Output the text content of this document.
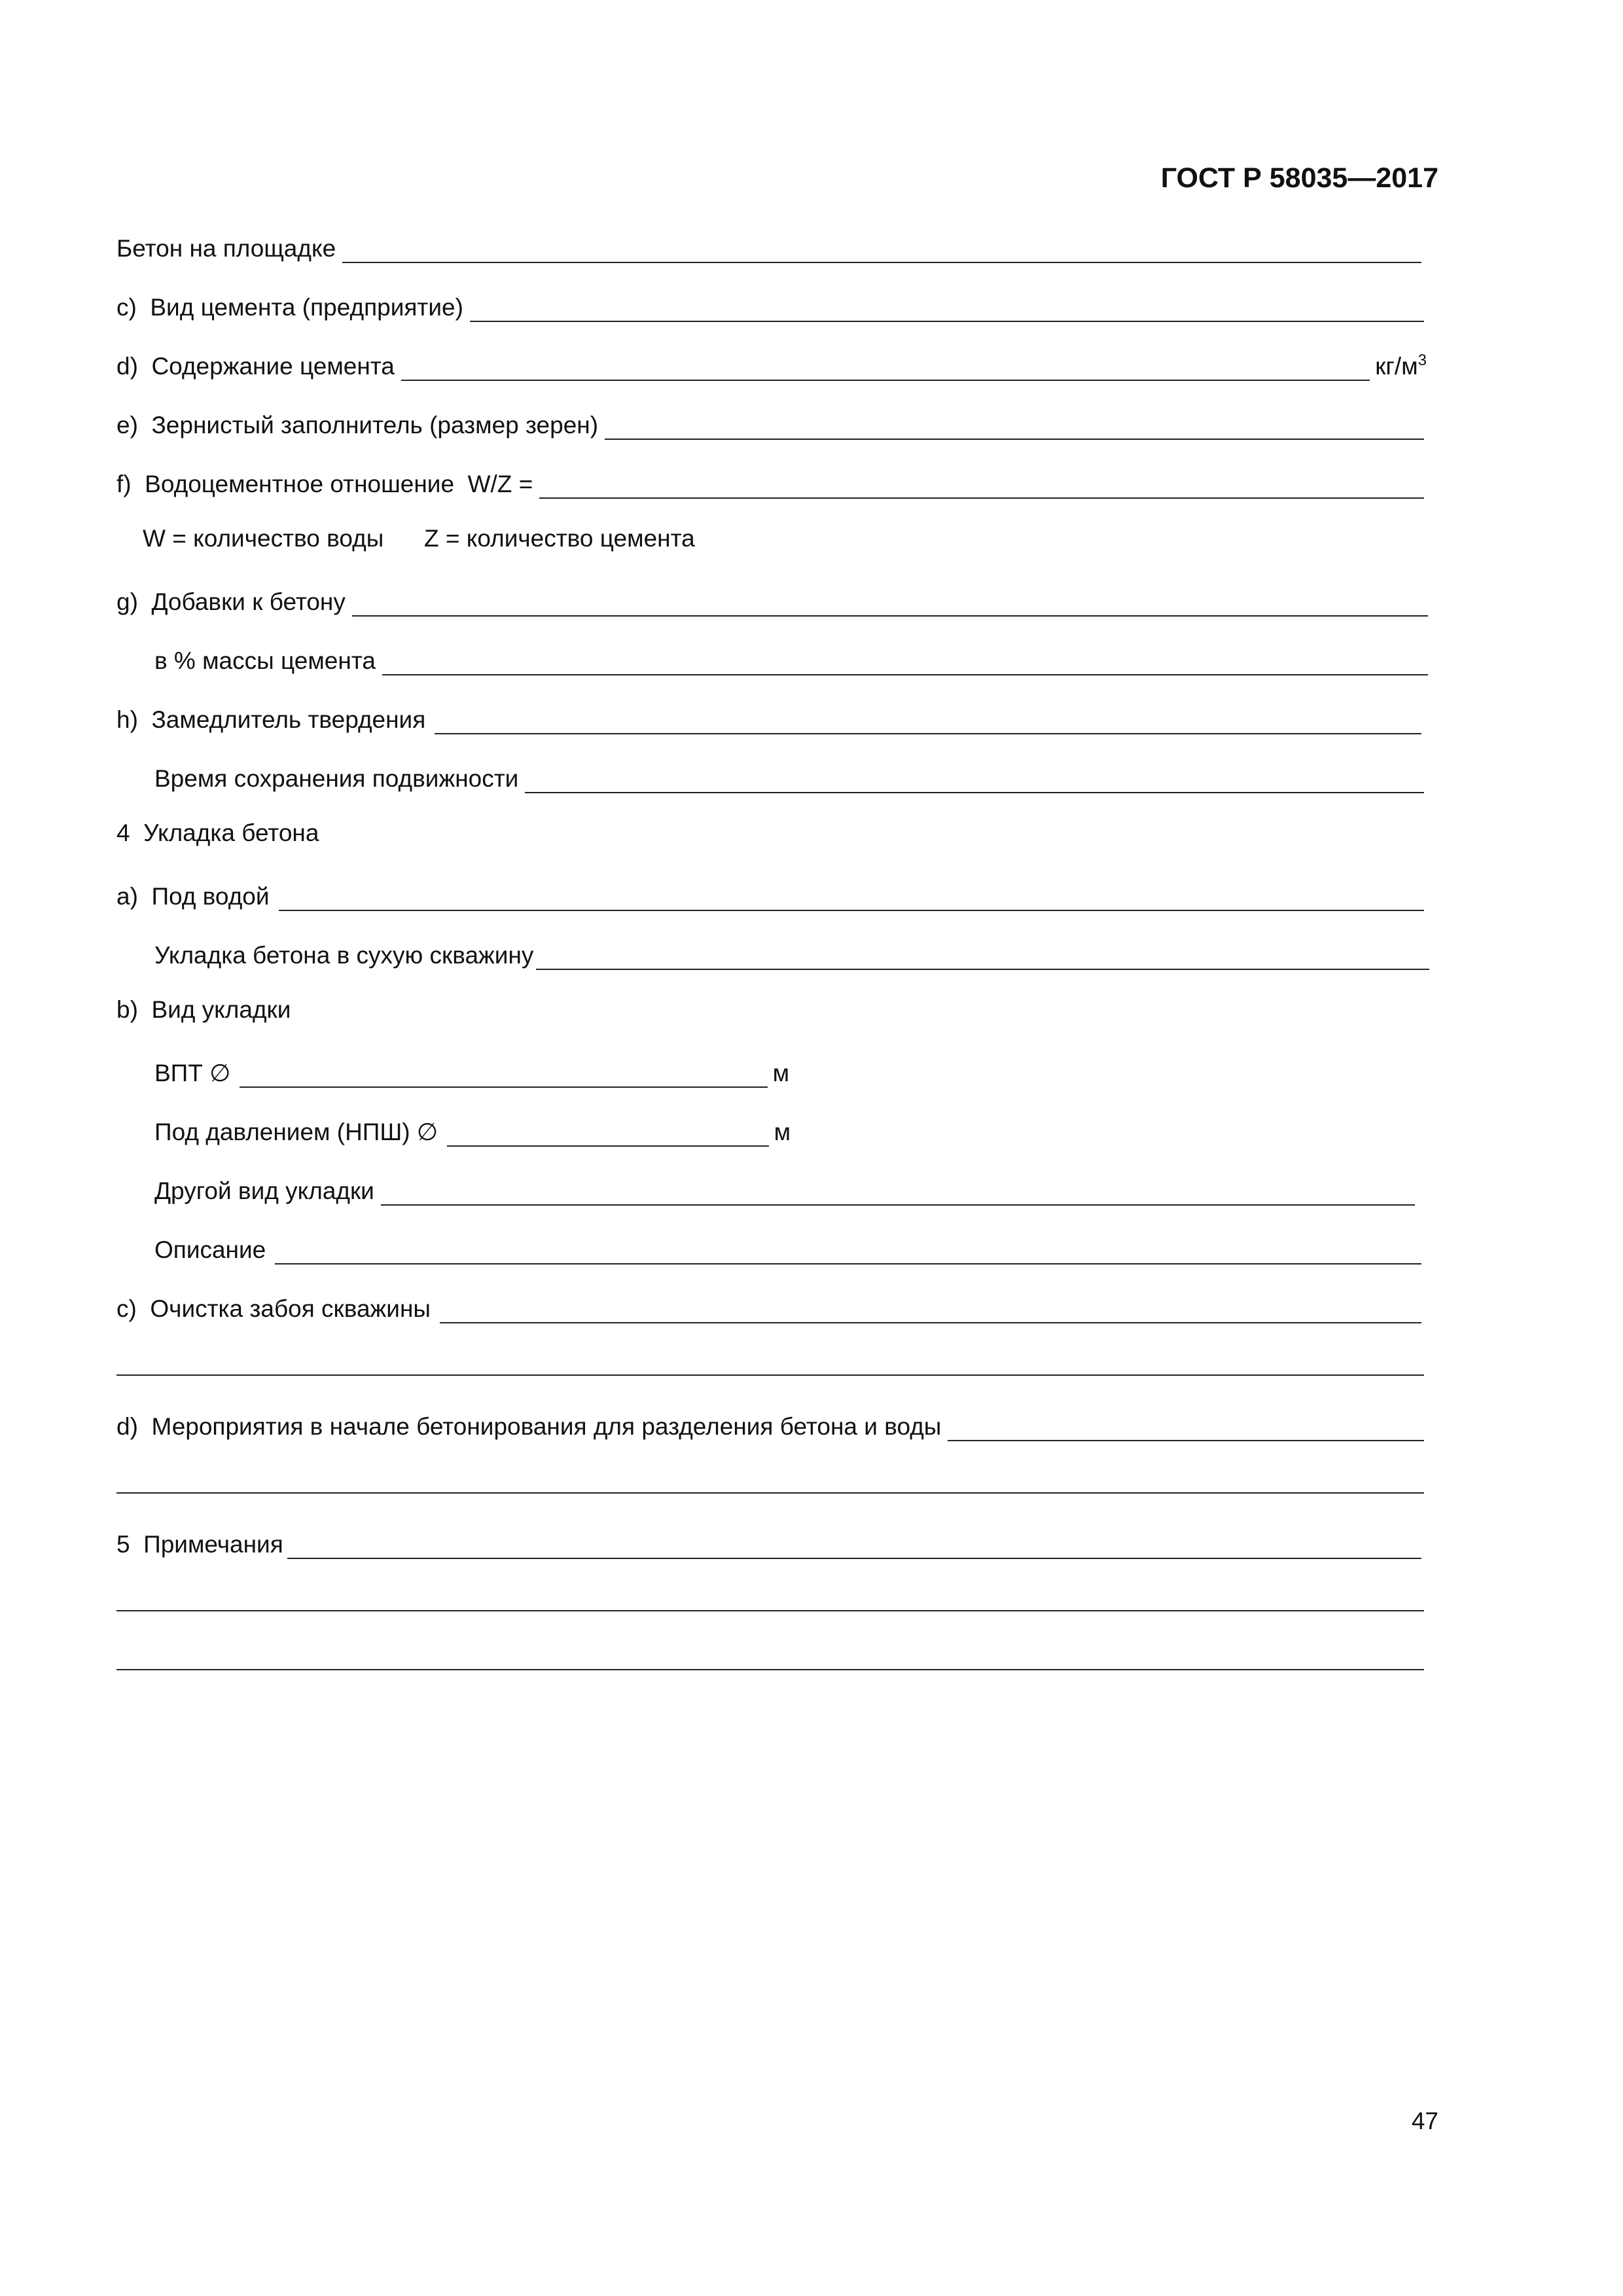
ГОСТ Р 58035—2017
Бетон на площадке
c)  Вид цемента (предприятие)
d)  Содержание цемента	$кг/м^3$
e)  Зернистый заполнитель (размер зерен)
f)  Водоцементное отношение  W/Z =
W = количество воды      Z = количество цемента
g)  Добавки к бетону
в % массы цемента
h)  Замедлитель твердения
Время сохранения подвижности
4  Укладка бетона
a)  Под водой
Укладка бетона в сухую скважину
b)  Вид укладки
ВПТ ∅	м
Под давлением (НПШ) ∅	м
Другой вид укладки
Описание
c)  Очистка забоя скважины
d)  Мероприятия в начале бетонирования для разделения бетона и воды
5  Примечания
47
